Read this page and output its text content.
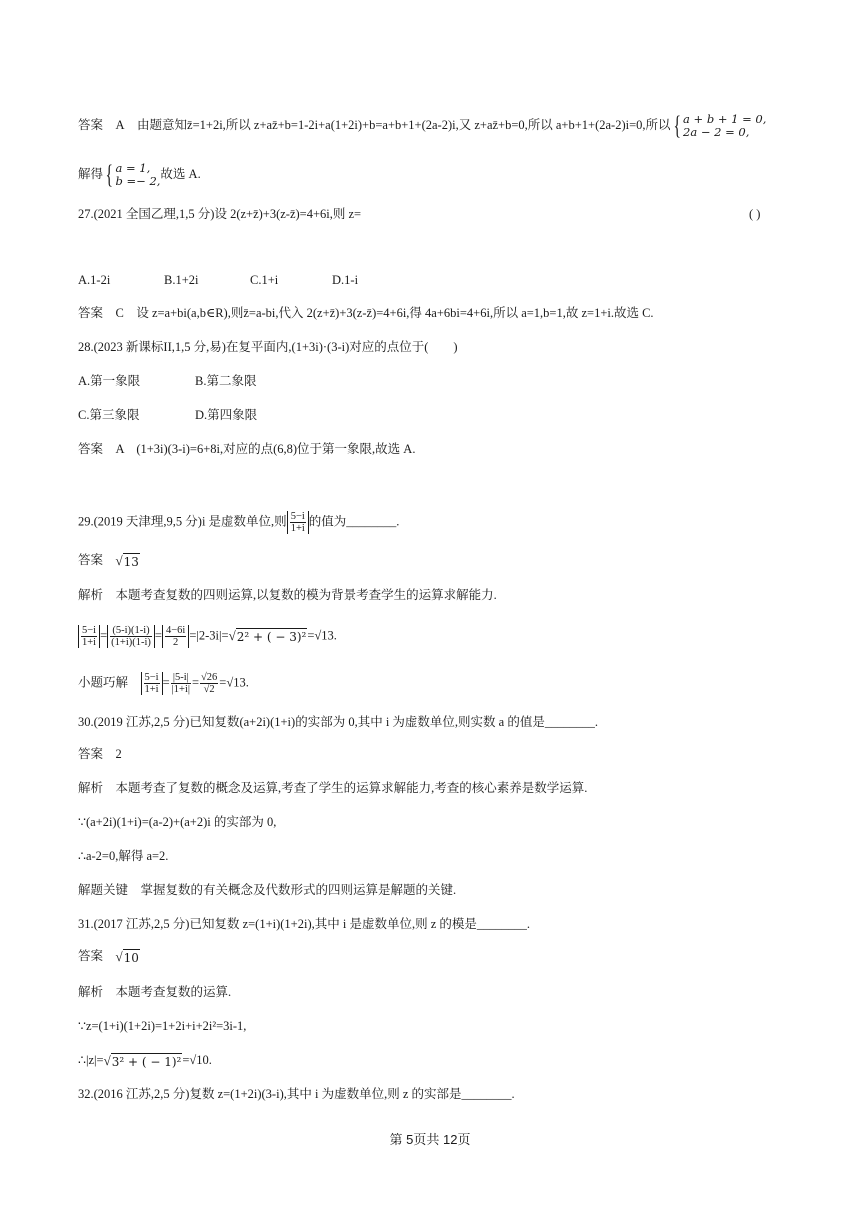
答案 A 由题意知z̄=1+2i,所以 z+az̄+b=1-2i+a(1+2i)+b=a+b+1+(2a-2)i,又 z+az̄+b=0,所以 a+b+1+(2a-2)i=0,所以 { a + b + 1 = 0,
2a − 2 = 0,
解得 { a = 1,
b =− 2,
故选 A.
27.(2021 全国乙理,1,5 分)设 2(z+z̄)+3(z-z̄)=4+6i,则 z=	( )
A.1-2i	B.1+2i	C.1+i	D.1-i
答案　C　设 z=a+bi(a,b∈R),则z̄=a-bi,代入 2(z+z̄)+3(z-z̄)=4+6i,得 4a+6bi=4+6i,所以 a=1,b=1,故 z=1+i.故选 C.
28.(2023 新课标II,1,5 分,易)在复平面内,(1+3i)·(3-i)对应的点位于(　　)
A.第一象限	B.第二象限
C.第三象限	D.第四象限
答案　A　(1+3i)(3-i)=6+8i,对应的点(6,8)位于第一象限,故选 A.
29.(2019 天津理,9,5 分)i 是虚数单位,则 $\frac{5-i}{1+i}$ 的值为________.
答案 √ 13
解析 本题考查复数的四则运算,以复数的模为背景考查学生的运算求解能力.
$\frac{5-i}{1+i} = \frac{(5-i)(1-i)}{(1+i)(1-i)} = \frac{4-6i}{2} =|2-3i|=$ √ 2² + ( − 3)² =√13.
小题巧解 $\frac{5-i}{1+i} = \frac{|5-i|}{|1+i|} = \frac{√26}{√2} =√13$.
30.(2019 江苏,2,5 分)已知复数(a+2i)(1+i)的实部为 0,其中 i 为虚数单位,则实数 a 的值是________.
答案　2
解析　本题考查了复数的概念及运算,考查了学生的运算求解能力,考查的核心素养是数学运算.
∵(a+2i)(1+i)=(a-2)+(a+2)i 的实部为 0,
∴a-2=0,解得 a=2.
解题关键　掌握复数的有关概念及代数形式的四则运算是解题的关键.
31.(2017 江苏,2,5 分)已知复数 z=(1+i)(1+2i),其中 i 是虚数单位,则 z 的模是________.
答案 √ 10
解析　本题考查复数的运算.
∵z=(1+i)(1+2i)=1+2i+i+2i²=3i-1,
∴|z|= √ 3² + ( − 1)² =√10.
32.(2016 江苏,2,5 分)复数 z=(1+2i)(3-i),其中 i 为虚数单位,则 z 的实部是________.
第 5页共 12页
